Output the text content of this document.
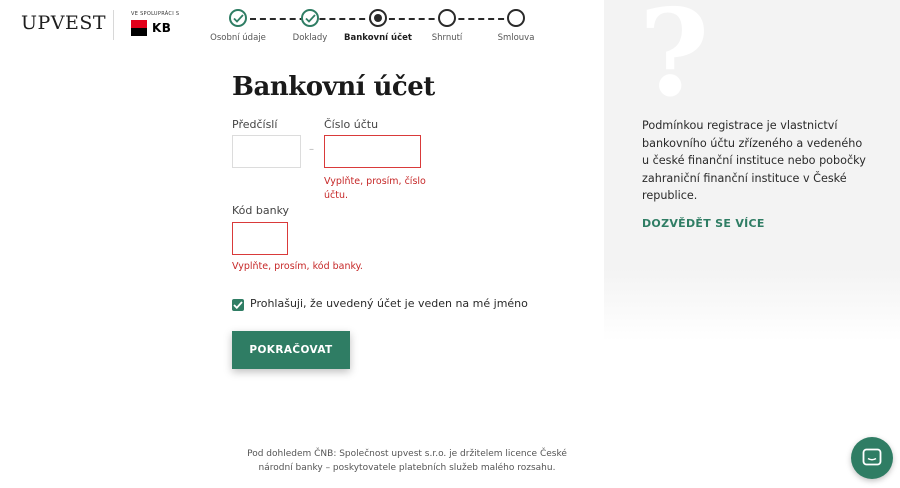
UPVEST	VE SPOLUPRÁCI S
KB
Osobní údaje	Doklady	Bankovní účet	Shrnutí	Smlouva
Bankovní účet
Předčíslí
–
Číslo účtu
Vyplňte, prosím, číslo
účtu.
Kód banky
Vyplňte, prosím, kód banky.
Prohlašuji, že uvedený účet je veden na mé jméno
POKRAČOVAT
Pod dohledem ČNB: Společnost upvest s.r.o. je držitelem licence České
národní banky – poskytovatele platebních služeb malého rozsahu.
?

Podmínkou registrace je vlastnictví bankovního účtu zřízeného a vedeného u české finanční instituce nebo pobočky zahraniční finanční instituce v České republice.

DOZVĚDĚT SE VÍCE
